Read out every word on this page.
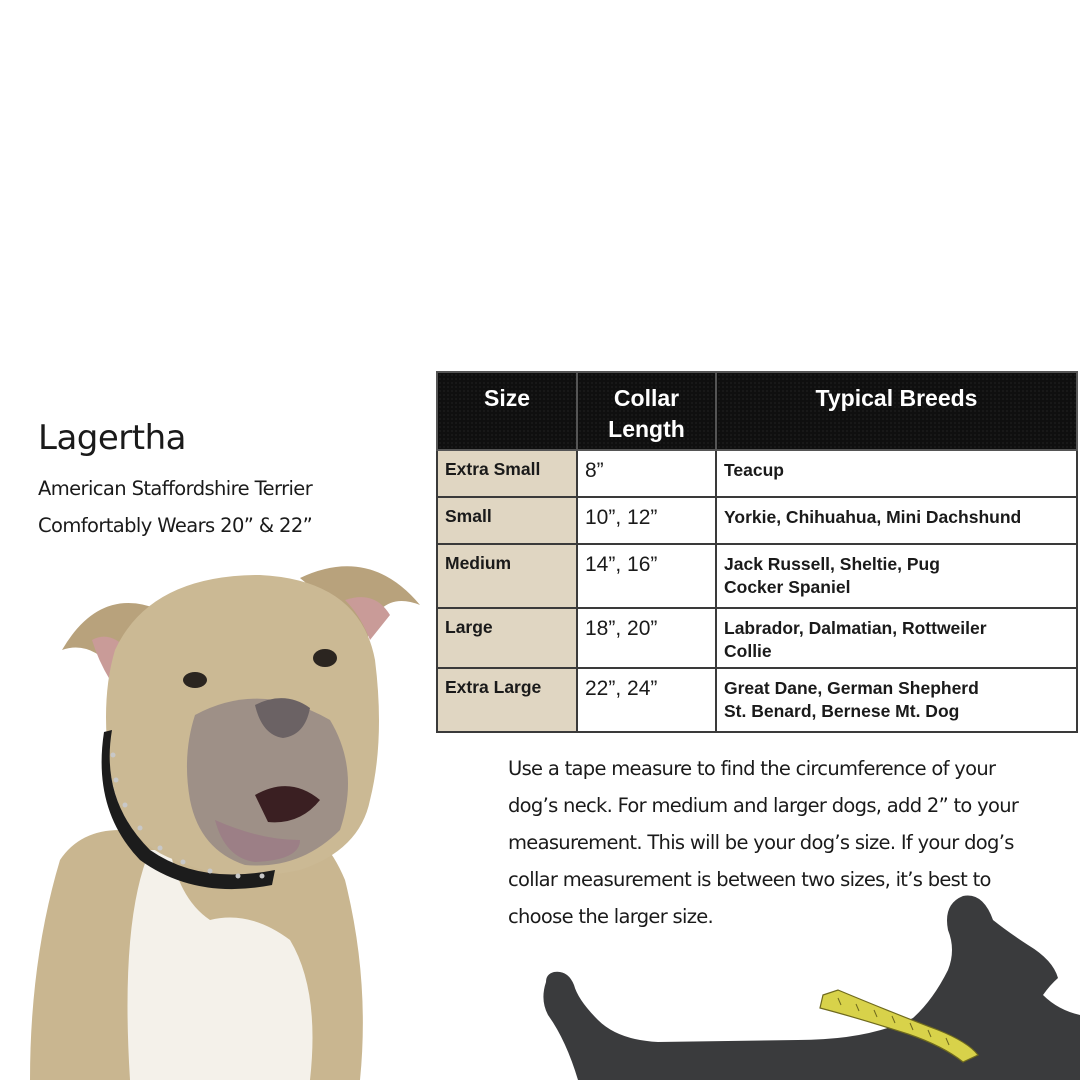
Lagertha
American Staffordshire Terrier
Comfortably Wears 20” & 22”
Size	Collar Length	Typical Breeds
Extra Small	8”	Teacup

Small	10”, 12”	Yorkie, Chihuahua, Mini Dachshund

Medium	14”, 16”	Jack Russell, Sheltie, Pug
Cocker Spaniel

Large	18”, 20”	Labrador, Dalmatian, Rottweiler
Collie

Extra Large	22”, 24”	Great Dane, German Shepherd
St. Benard, Bernese Mt. Dog
Use a tape measure to find the circumference of your
dog’s neck. For medium and larger dogs, add 2” to your
measurement. This will be your dog’s size. If your dog’s
collar measurement is between two sizes, it’s best to
choose the larger size.
